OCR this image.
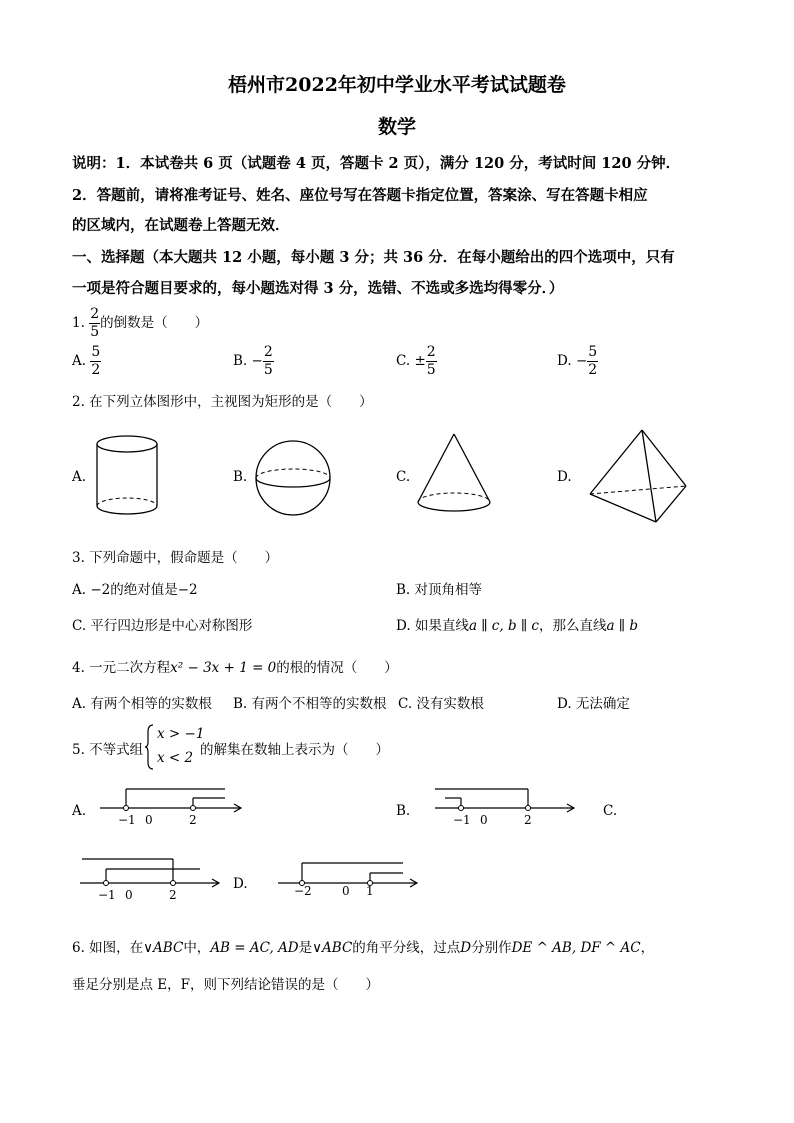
梧州市2022年初中学业水平考试试题卷
数学
说明：1．本试卷共 6 页（试题卷 4 页，答题卡 2 页），满分 120 分，考试时间 120 分钟．
2．答题前，请将准考证号、姓名、座位号写在答题卡指定位置，答案涂、写在答题卡相应
的区域内，在试题卷上答题无效．
一、选择题（本大题共 12 小题，每小题 3 分；共 36 分．在每小题给出的四个选项中，只有
一项是符合题目要求的，每小题选对得 3 分，选错、不选或多选均得零分．）
1. $\frac{2}{5}$ 的倒数是（　　）
A. $\frac{5}{2}$	B. − $\frac{2}{5}$	C. ± $\frac{2}{5}$	D. − $\frac{5}{2}$
2. 在下列立体图形中，主视图为矩形的是（　　）
A.	B.	C.	D.
3. 下列命题中，假命题是（　　）
A. −2的绝对值是−2	B. 对顶角相等
C. 平行四边形是中心对称图形	D. 如果直线a ∥ c, b ∥ c，那么直线a ∥ b
4. 一元二次方程x² − 3x + 1 = 0的根的情况（　　）
A. 有两个相等的实数根 B. 有两个不相等的实数根 C. 没有实数根	D. 无法确定
5. 不等式组
x > −1
x < 2 的解集在数轴上表示为（　　）
A.
−1 0	2
B.
−1 0	2
C.
−1 0	2
D.	−2	0 1
6. 如图，在∨ABC中，AB = AC, AD是∨ABC的角平分线，过点D分别作DE ^ AB, DF ^ AC，
垂足分别是点 E，F，则下列结论错误的是（　　）
